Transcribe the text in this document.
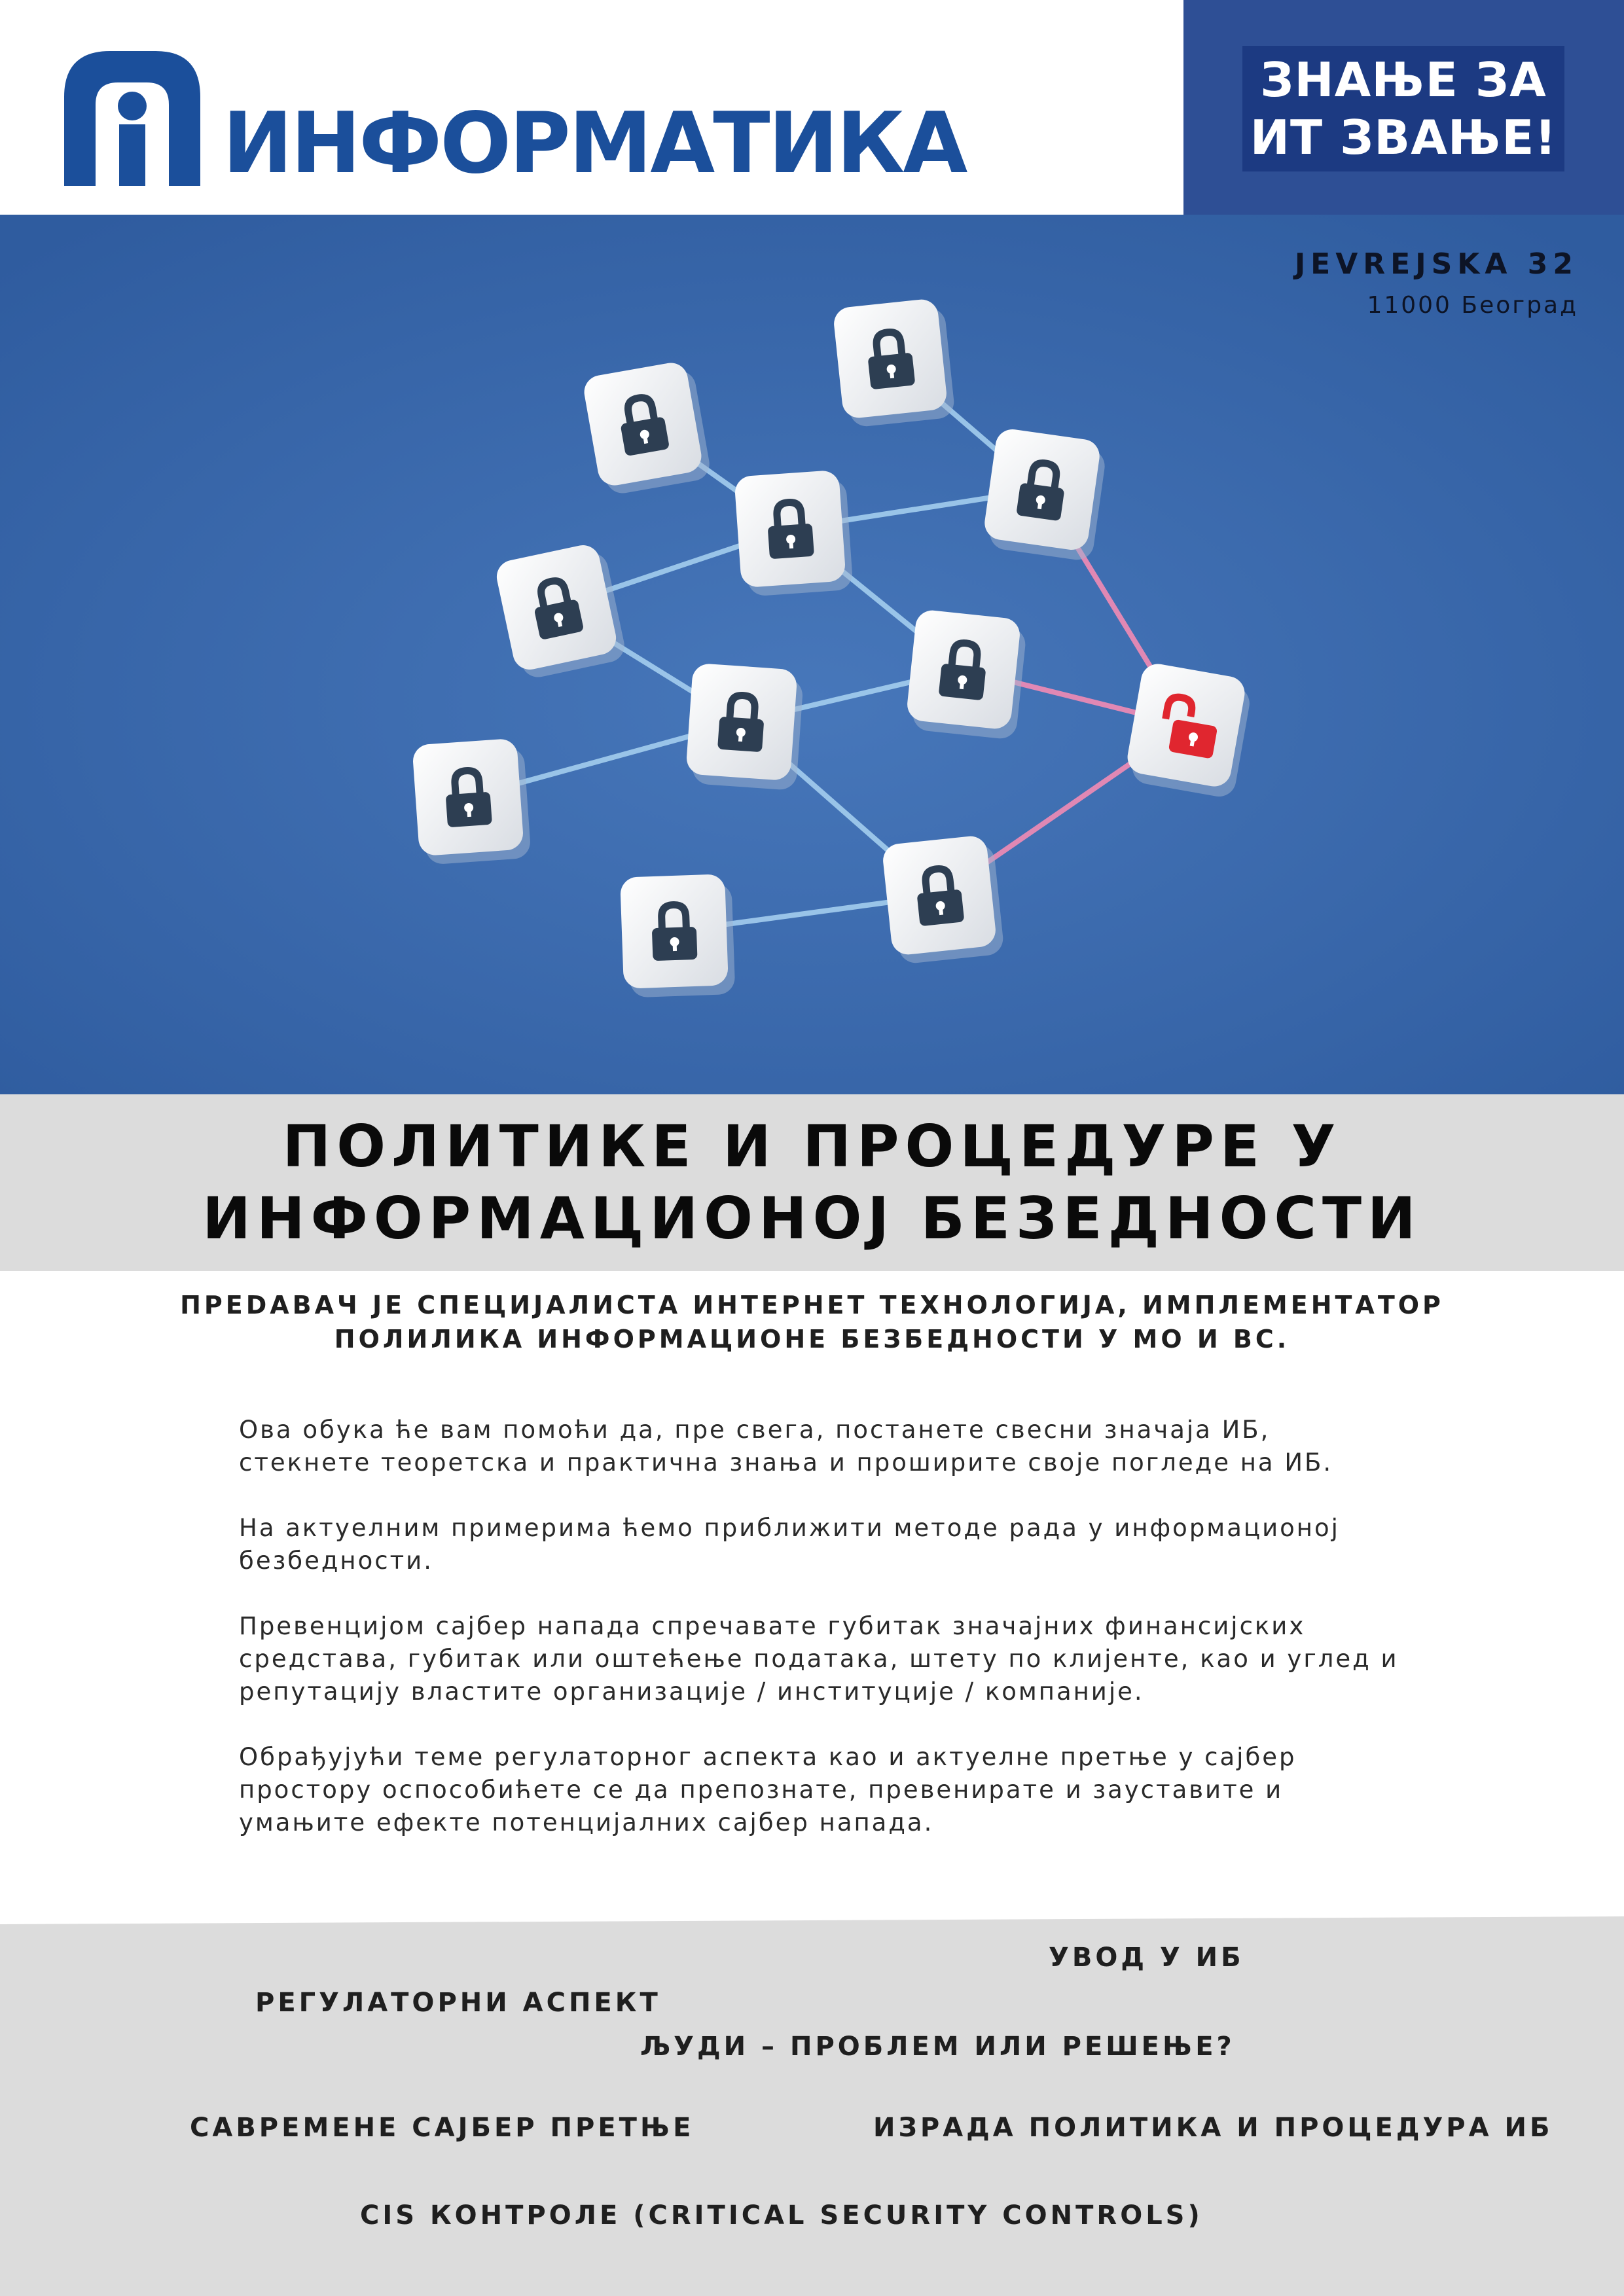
ИНФОРМАТИКА
ЗНАЊЕ ЗА
ИТ ЗВАЊЕ!
JEVREJSKA 32
11000 Београд
ПОЛИТИКЕ И ПРОЦЕДУРЕ У
ИНФОРМАЦИОНОЈ БЕЗЕДНОСТИ
ПРЕDАВАЧ ЈЕ СПЕЦИЈАЛИСТА ИНТЕРНЕТ ТЕХНОЛОГИЈА, ИМПЛЕМЕНТАТОР
ПОЛИЛИКА ИНФОРМАЦИОНЕ БЕЗБЕДНОСТИ У МО И ВС.

Ова обука ће вам помоћи да, пре свега, постанете свесни значаја ИБ,
стекнете теоретска и практична знања и проширите своје погледе на ИБ.

На актуелним примерима ћемо приближити методе рада у информационој
безбедности.

Превенцијом сајбер напада спречавате губитак значајних финансијских
средстава, губитак или оштећење података, штету по клијенте, као и углед и
репутацију властите организације / институције / компаније.

Обрађујући теме регулаторног аспекта као и актуелне претње у сајбер
простору оспособићете се да препознате, превенирате и зауставите и
умањите ефекте потенцијалних сајбер напада.

УВОД У ИБ
РЕГУЛАТОРНИ АСПЕКТ
ЉУДИ – ПРОБЛЕМ ИЛИ РЕШЕЊЕ?
САВРЕМЕНЕ САЈБЕР ПРЕТЊЕ	ИЗРАДА ПОЛИТИКА И ПРОЦЕДУРА ИБ
CIS КОНТРОЛЕ (CRITICAL SECURITY CONTROLS)
